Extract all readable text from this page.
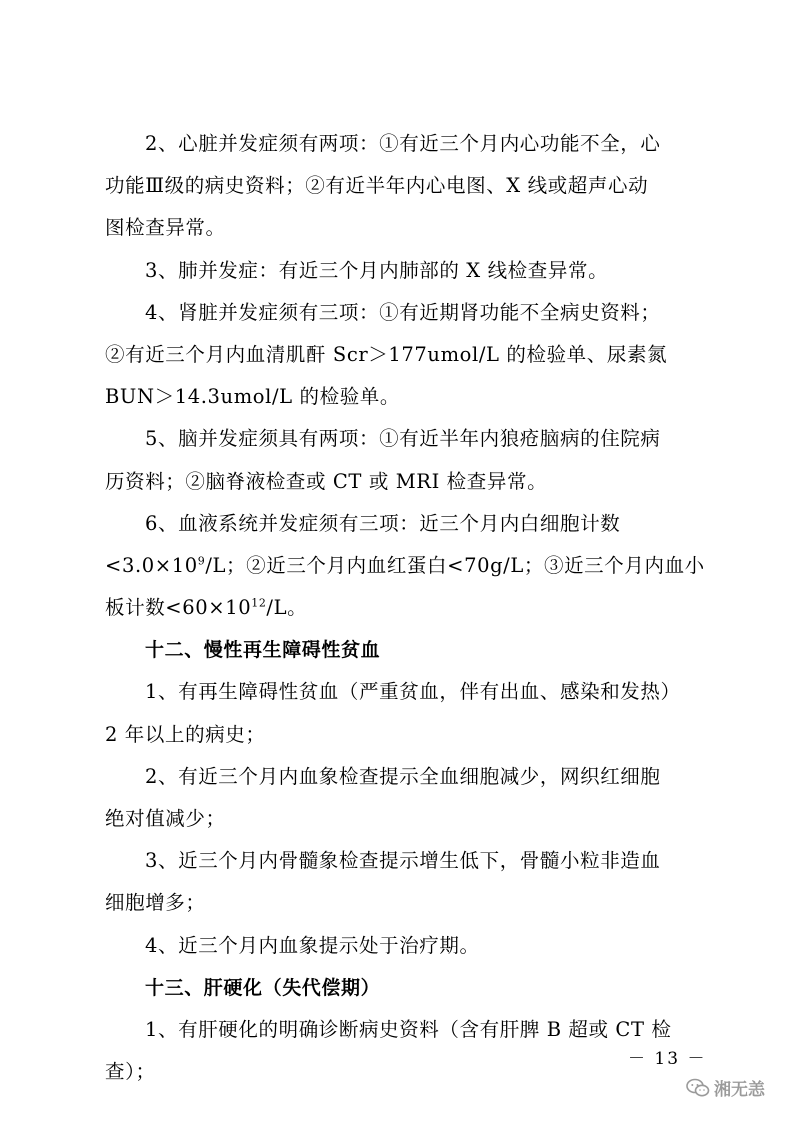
2、心脏并发症须有两项：①有近三个月内心功能不全，心
功能Ⅲ级的病史资料；②有近半年内心电图、X 线或超声心动
图检查异常。
3、肺并发症：有近三个月内肺部的 X 线检查异常。
4、肾脏并发症须有三项：①有近期肾功能不全病史资料；
②有近三个月内血清肌酐 Scr＞177umol/L 的检验单、尿素氮
BUN＞14.3umol/L 的检验单。
5、脑并发症须具有两项：①有近半年内狼疮脑病的住院病
历资料；②脑脊液检查或 CT 或 MRI 检查异常。
6、血液系统并发症须有三项：近三个月内白细胞计数
$<3.0\times 10^9/L$；②近三个月内血红蛋白<70g/L；③近三个月内血小
板计数$<60\times 10^{12}/L$。
十二、慢性再生障碍性贫血
1、有再生障碍性贫血（严重贫血，伴有出血、感染和发热）
2 年以上的病史；
2、有近三个月内血象检查提示全血细胞减少，网织红细胞
绝对值减少；
3、近三个月内骨髓象检查提示增生低下，骨髓小粒非造血
细胞增多；
4、近三个月内血象提示处于治疗期。
十三、肝硬化（失代偿期）
1、有肝硬化的明确诊断病史资料（含有肝脾 B 超或 CT 检
查）；
－ 13 －
湘无恙
